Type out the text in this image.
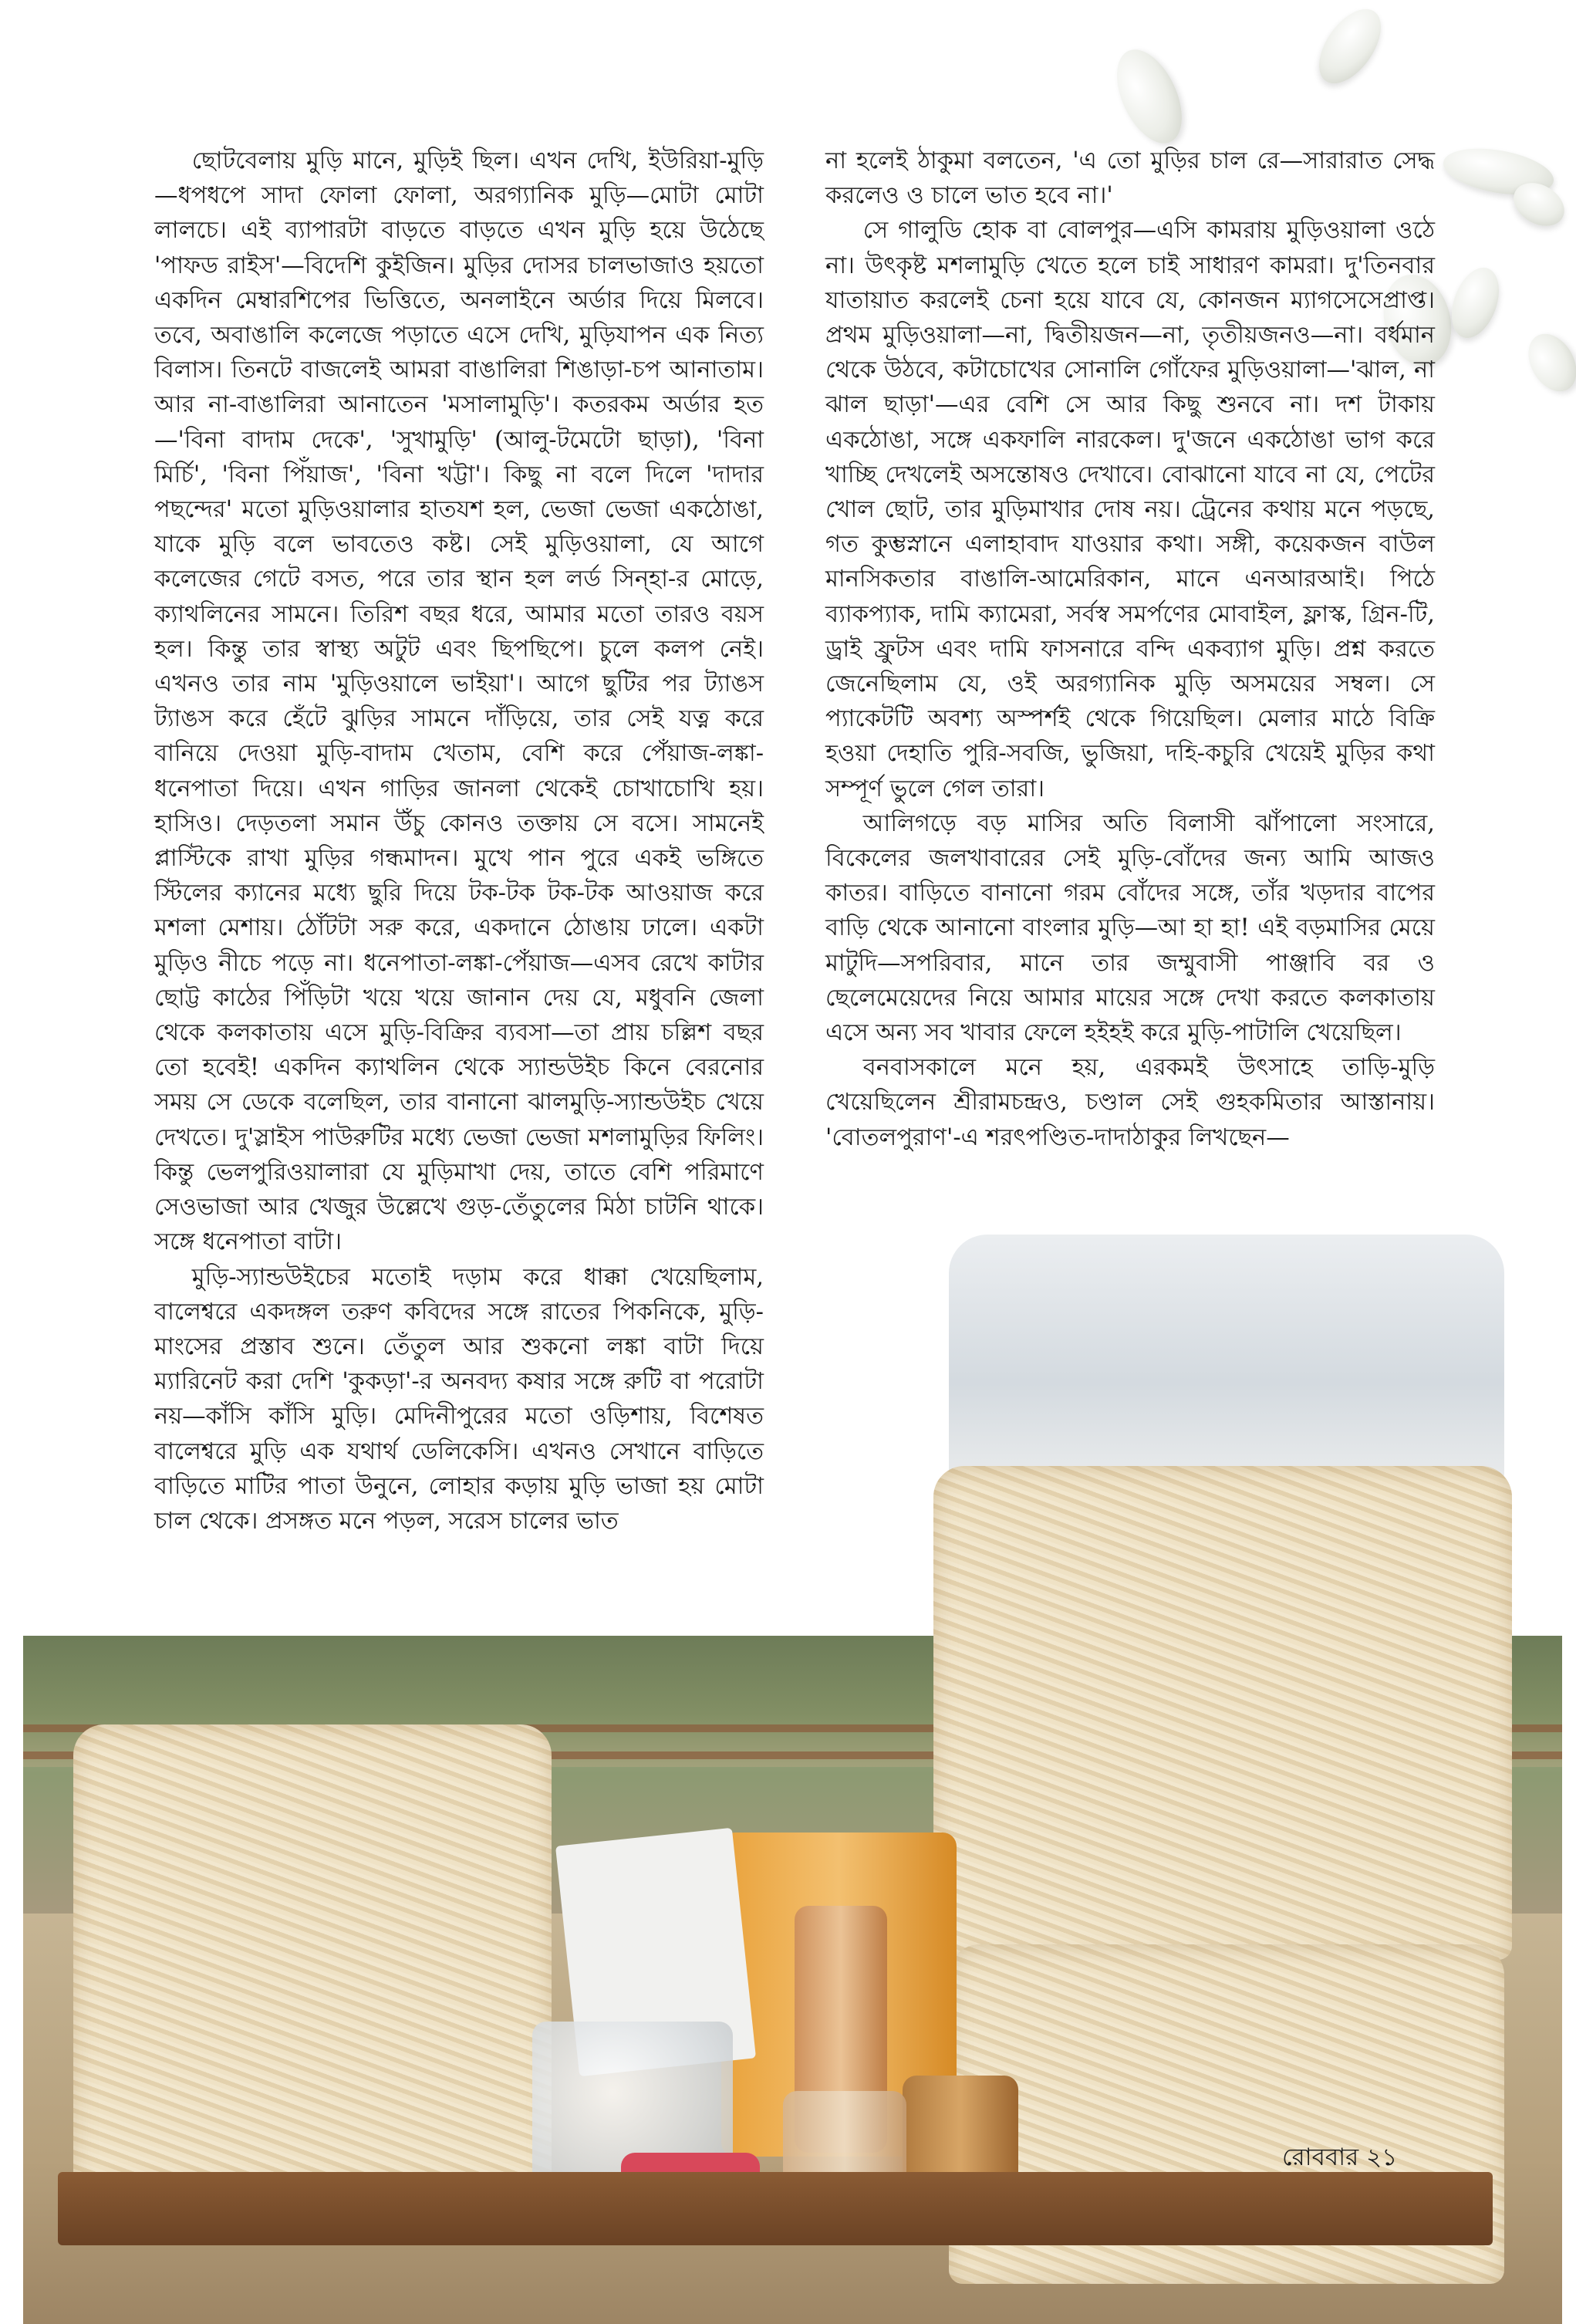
ছোটবেলায় মুড়ি মানে, মুড়িই ছিল। এখন দেখি, ইউরিয়া-মুড়ি—ধপধপে সাদা ফোলা ফোলা, অরগ্যানিক মুড়ি—মোটা মোটা লালচে। এই ব্যাপারটা বাড়তে বাড়তে এখন মুড়ি হয়ে উঠেছে 'পাফড রাইস'—বিদেশি কুইজিন। মুড়ির দোসর চালভাজাও হয়তো একদিন মেম্বারশিপের ভিত্তিতে, অনলাইনে অর্ডার দিয়ে মিলবে। তবে, অবাঙালি কলেজে পড়াতে এসে দেখি, মুড়িযাপন এক নিত্য বিলাস। তিনটে বাজলেই আমরা বাঙালিরা শিঙাড়া-চপ আনাতাম। আর না-বাঙালিরা আনাতেন 'মসালামুড়ি'। কতরকম অর্ডার হত—'বিনা বাদাম দেকে', 'সুখামুড়ি' (আলু-টমেটো ছাড়া), 'বিনা মির্চি', 'বিনা পিঁয়াজ', 'বিনা খট্টা'। কিছু না বলে দিলে 'দাদার পছন্দের' মতো মুড়িওয়ালার হাতযশ হল, ভেজা ভেজা একঠোঙা, যাকে মুড়ি বলে ভাবতেও কষ্ট। সেই মুড়িওয়ালা, যে আগে কলেজের গেটে বসত, পরে তার স্থান হল লর্ড সিন্হা-র মোড়ে, ক্যাথলিনের সামনে। তিরিশ বছর ধরে, আমার মতো তারও বয়স হল। কিন্তু তার স্বাস্থ্য অটুট এবং ছিপছিপে। চুলে কলপ নেই। এখনও তার নাম 'মুড়িওয়ালে ভাইয়া'। আগে ছুটির পর ট্যাঙস ট্যাঙস করে হেঁটে ঝুড়ির সামনে দাঁড়িয়ে, তার সেই যত্ন করে বানিয়ে দেওয়া মুড়ি-বাদাম খেতাম, বেশি করে পেঁয়াজ-লঙ্কা-ধনেপাতা দিয়ে। এখন গাড়ির জানলা থেকেই চোখাচোখি হয়। হাসিও। দেড়তলা সমান উঁচু কোনও তক্তায় সে বসে। সামনেই প্লাস্টিকে রাখা মুড়ির গন্ধমাদন। মুখে পান পুরে একই ভঙ্গিতে স্টিলের ক্যানের মধ্যে ছুরি দিয়ে টক-টক টক-টক আওয়াজ করে মশলা মেশায়। ঠোঁটটা সরু করে, একদানে ঠোঙায় ঢালে। একটা মুড়িও নীচে পড়ে না। ধনেপাতা-লঙ্কা-পেঁয়াজ—এসব রেখে কাটার ছোট্ট কাঠের পিঁড়িটা খয়ে খয়ে জানান দেয় যে, মধুবনি জেলা থেকে কলকাতায় এসে মুড়ি-বিক্রির ব্যবসা—তা প্রায় চল্লিশ বছর তো হবেই! একদিন ক্যাথলিন থেকে স্যান্ডউইচ কিনে বেরনোর সময় সে ডেকে বলেছিল, তার বানানো ঝালমুড়ি-স্যান্ডউইচ খেয়ে দেখতে। দু'স্লাইস পাউরুটির মধ্যে ভেজা ভেজা মশলামুড়ির ফিলিং। কিন্তু ভেলপুরিওয়ালারা যে মুড়িমাখা দেয়, তাতে বেশি পরিমাণে সেওভাজা আর খেজুর উল্লেখে গুড়-তেঁতুলের মিঠা চাটনি থাকে। সঙ্গে ধনেপাতা বাটা।

মুড়ি-স্যান্ডউইচের মতোই দড়াম করে ধাক্কা খেয়েছিলাম, বালেশ্বরে একদঙ্গল তরুণ কবিদের সঙ্গে রাতের পিকনিকে, মুড়ি-মাংসের প্রস্তাব শুনে। তেঁতুল আর শুকনো লঙ্কা বাটা দিয়ে ম্যারিনেট করা দেশি 'কুকড়া'-র অনবদ্য কষার সঙ্গে রুটি বা পরোটা নয়—কাঁসি কাঁসি মুড়ি। মেদিনীপুরের মতো ওড়িশায়, বিশেষত বালেশ্বরে মুড়ি এক যথার্থ ডেলিকেসি। এখনও সেখানে বাড়িতে বাড়িতে মাটির পাতা উনুনে, লোহার কড়ায় মুড়ি ভাজা হয় মোটা চাল থেকে। প্রসঙ্গত মনে পড়ল, সরেস চালের ভাত

না হলেই ঠাকুমা বলতেন, 'এ তো মুড়ির চাল রে—সারারাত সেদ্ধ করলেও ও চালে ভাত হবে না।'

সে গালুডি হোক বা বোলপুর—এসি কামরায় মুড়িওয়ালা ওঠে না। উৎকৃষ্ট মশলামুড়ি খেতে হলে চাই সাধারণ কামরা। দু'তিনবার যাতায়াত করলেই চেনা হয়ে যাবে যে, কোনজন ম্যাগসেসেপ্রাপ্ত। প্রথম মুড়িওয়ালা—না, দ্বিতীয়জন—না, তৃতীয়জনও—না। বর্ধমান থেকে উঠবে, কটাচোখের সোনালি গোঁফের মুড়িওয়ালা—'ঝাল, না ঝাল ছাড়া'—এর বেশি সে আর কিছু শুনবে না। দশ টাকায় একঠোঙা, সঙ্গে একফালি নারকেল। দু'জনে একঠোঙা ভাগ করে খাচ্ছি দেখলেই অসন্তোষও দেখাবে। বোঝানো যাবে না যে, পেটের খোল ছোট, তার মুড়িমাখার দোষ নয়। ট্রেনের কথায় মনে পড়ছে, গত কুম্ভস্নানে এলাহাবাদ যাওয়ার কথা। সঙ্গী, কয়েকজন বাউল মানসিকতার বাঙালি-আমেরিকান, মানে এনআরআই। পিঠে ব্যাকপ্যাক, দামি ক্যামেরা, সর্বস্ব সমর্পণের মোবাইল, ফ্লাস্ক, গ্রিন-টি, ড্রাই ফ্রুটস এবং দামি ফাসনারে বন্দি একব্যাগ মুড়ি। প্রশ্ন করতে জেনেছিলাম যে, ওই অরগ্যানিক মুড়ি অসময়ের সম্বল। সে প্যাকেটটি অবশ্য অস্পর্শই থেকে গিয়েছিল। মেলার মাঠে বিক্রি হওয়া দেহাতি পুরি-সবজি, ভুজিয়া, দহি-কচুরি খেয়েই মুড়ির কথা সম্পূর্ণ ভুলে গেল তারা।

আলিগড়ে বড় মাসির অতি বিলাসী ঝাঁপালো সংসারে, বিকেলের জলখাবারের সেই মুড়ি-বোঁদের জন্য আমি আজও কাতর। বাড়িতে বানানো গরম বোঁদের সঙ্গে, তাঁর খড়দার বাপের বাড়ি থেকে আনানো বাংলার মুড়ি—আ হা হা! এই বড়মাসির মেয়ে মাটুদি—সপরিবার, মানে তার জম্মুবাসী পাঞ্জাবি বর ও ছেলেমেয়েদের নিয়ে আমার মায়ের সঙ্গে দেখা করতে কলকাতায় এসে অন্য সব খাবার ফেলে হইহই করে মুড়ি-পাটালি খেয়েছিল।

বনবাসকালে মনে হয়, এরকমই উৎসাহে তাড়ি-মুড়ি খেয়েছিলেন শ্রীরামচন্দ্রও, চণ্ডাল সেই গুহকমিতার আস্তানায়। 'বোতলপুরাণ'-এ শরৎপণ্ডিত-দাদাঠাকুর লিখছেন—

রোববার ২১
